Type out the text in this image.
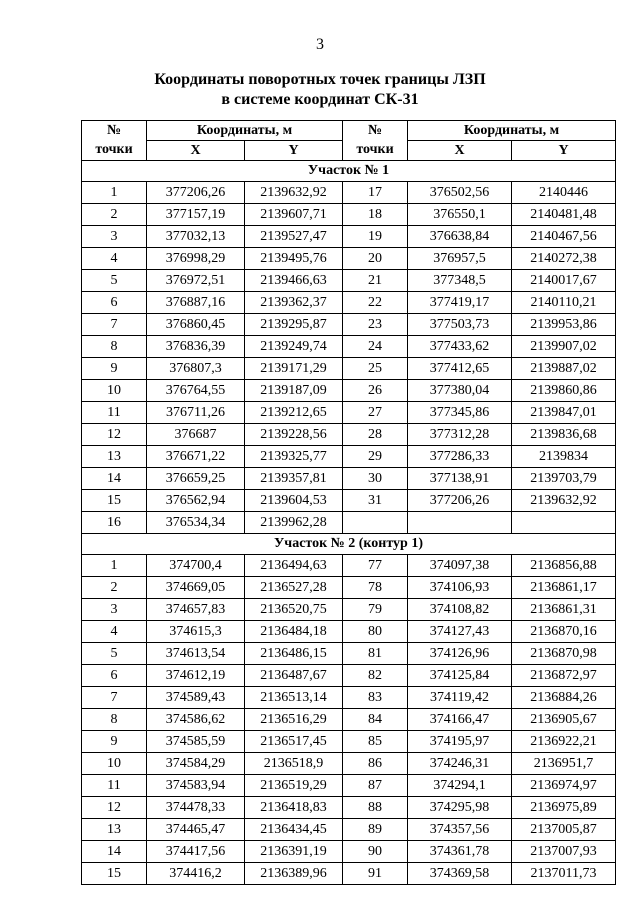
3
Координаты поворотных точек границы ЛЗП
в системе координат СК-31
№	Координаты, м		№	Координаты, м	
точки	X	Y	точки	X	Y
Участок № 1					
1	377206,26	2139632,92	17	376502,56	2140446
2	377157,19	2139607,71	18	376550,1	2140481,48
3	377032,13	2139527,47	19	376638,84	2140467,56
4	376998,29	2139495,76	20	376957,5	2140272,38
5	376972,51	2139466,63	21	377348,5	2140017,67
6	376887,16	2139362,37	22	377419,17	2140110,21
7	376860,45	2139295,87	23	377503,73	2139953,86
8	376836,39	2139249,74	24	377433,62	2139907,02
9	376807,3	2139171,29	25	377412,65	2139887,02
10	376764,55	2139187,09	26	377380,04	2139860,86
11	376711,26	2139212,65	27	377345,86	2139847,01
12	376687	2139228,56	28	377312,28	2139836,68
13	376671,22	2139325,77	29	377286,33	2139834
14	376659,25	2139357,81	30	377138,91	2139703,79
15	376562,94	2139604,53	31	377206,26	2139632,92
16	376534,34	2139962,28			
Участок № 2 (контур 1)					
1	374700,4	2136494,63	77	374097,38	2136856,88
2	374669,05	2136527,28	78	374106,93	2136861,17
3	374657,83	2136520,75	79	374108,82	2136861,31
4	374615,3	2136484,18	80	374127,43	2136870,16
5	374613,54	2136486,15	81	374126,96	2136870,98
6	374612,19	2136487,67	82	374125,84	2136872,97
7	374589,43	2136513,14	83	374119,42	2136884,26
8	374586,62	2136516,29	84	374166,47	2136905,67
9	374585,59	2136517,45	85	374195,97	2136922,21
10	374584,29	2136518,9	86	374246,31	2136951,7
11	374583,94	2136519,29	87	374294,1	2136974,97
12	374478,33	2136418,83	88	374295,98	2136975,89
13	374465,47	2136434,45	89	374357,56	2137005,87
14	374417,56	2136391,19	90	374361,78	2137007,93
15	374416,2	2136389,96	91	374369,58	2137011,73
